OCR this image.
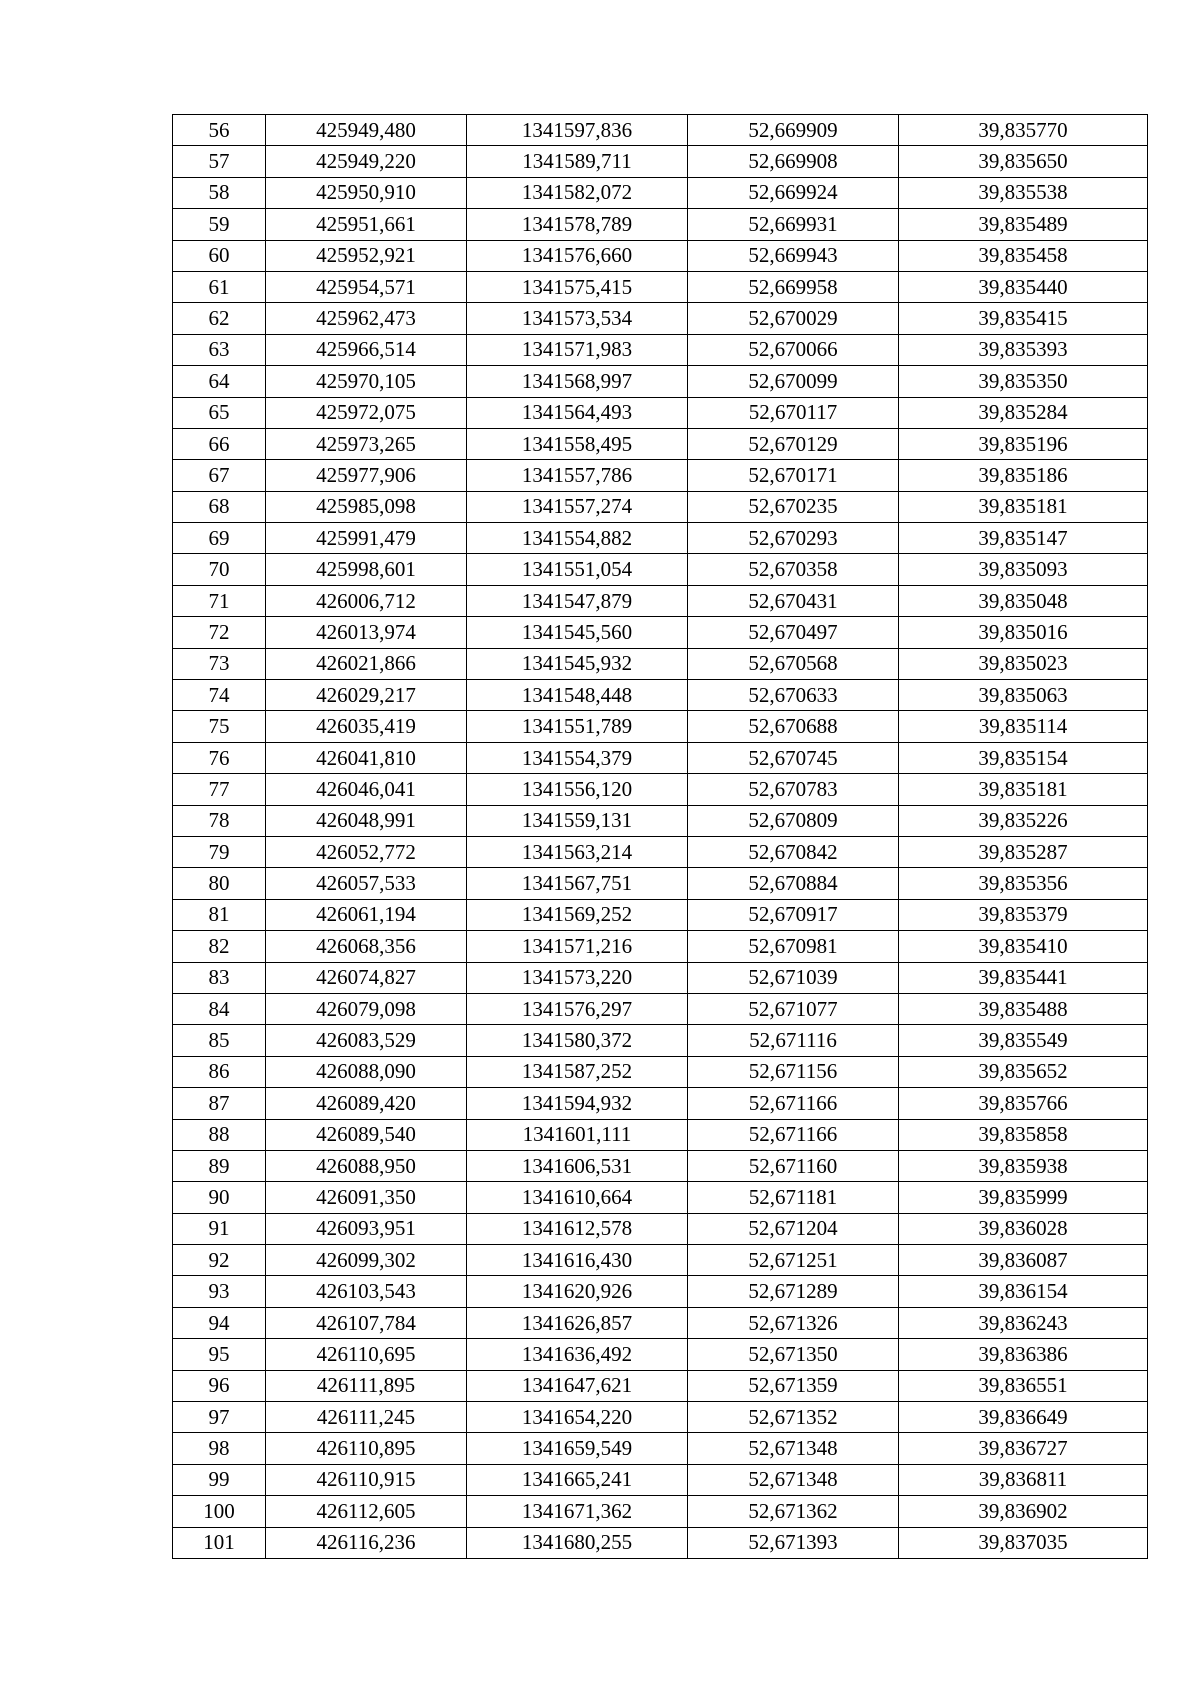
56	425949,480	1341597,836	52,669909	39,835770
57	425949,220	1341589,711	52,669908	39,835650
58	425950,910	1341582,072	52,669924	39,835538
59	425951,661	1341578,789	52,669931	39,835489
60	425952,921	1341576,660	52,669943	39,835458
61	425954,571	1341575,415	52,669958	39,835440
62	425962,473	1341573,534	52,670029	39,835415
63	425966,514	1341571,983	52,670066	39,835393
64	425970,105	1341568,997	52,670099	39,835350
65	425972,075	1341564,493	52,670117	39,835284
66	425973,265	1341558,495	52,670129	39,835196
67	425977,906	1341557,786	52,670171	39,835186
68	425985,098	1341557,274	52,670235	39,835181
69	425991,479	1341554,882	52,670293	39,835147
70	425998,601	1341551,054	52,670358	39,835093
71	426006,712	1341547,879	52,670431	39,835048
72	426013,974	1341545,560	52,670497	39,835016
73	426021,866	1341545,932	52,670568	39,835023
74	426029,217	1341548,448	52,670633	39,835063
75	426035,419	1341551,789	52,670688	39,835114
76	426041,810	1341554,379	52,670745	39,835154
77	426046,041	1341556,120	52,670783	39,835181
78	426048,991	1341559,131	52,670809	39,835226
79	426052,772	1341563,214	52,670842	39,835287
80	426057,533	1341567,751	52,670884	39,835356
81	426061,194	1341569,252	52,670917	39,835379
82	426068,356	1341571,216	52,670981	39,835410
83	426074,827	1341573,220	52,671039	39,835441
84	426079,098	1341576,297	52,671077	39,835488
85	426083,529	1341580,372	52,671116	39,835549
86	426088,090	1341587,252	52,671156	39,835652
87	426089,420	1341594,932	52,671166	39,835766
88	426089,540	1341601,111	52,671166	39,835858
89	426088,950	1341606,531	52,671160	39,835938
90	426091,350	1341610,664	52,671181	39,835999
91	426093,951	1341612,578	52,671204	39,836028
92	426099,302	1341616,430	52,671251	39,836087
93	426103,543	1341620,926	52,671289	39,836154
94	426107,784	1341626,857	52,671326	39,836243
95	426110,695	1341636,492	52,671350	39,836386
96	426111,895	1341647,621	52,671359	39,836551
97	426111,245	1341654,220	52,671352	39,836649
98	426110,895	1341659,549	52,671348	39,836727
99	426110,915	1341665,241	52,671348	39,836811
100	426112,605	1341671,362	52,671362	39,836902
101	426116,236	1341680,255	52,671393	39,837035
